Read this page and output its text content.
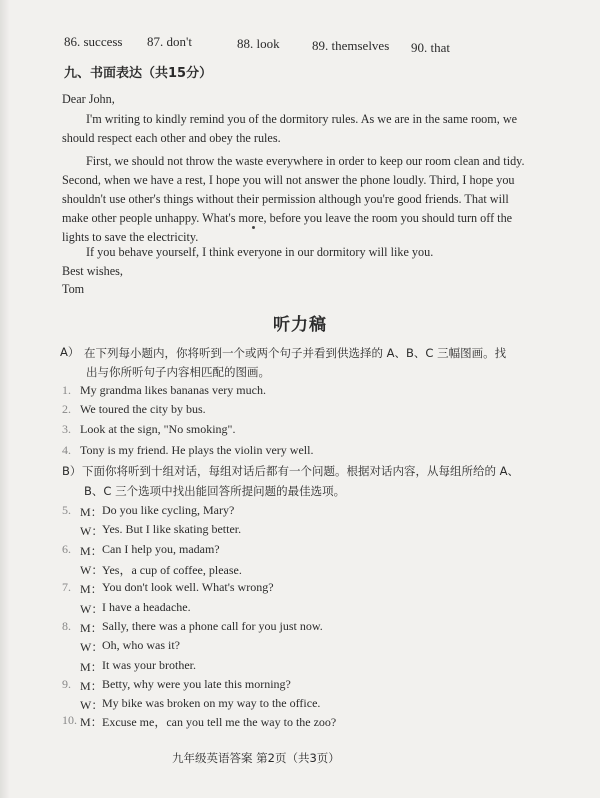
86. success 87. don't	88. look 89. themselves 90. that
九、书面表达（共15分）
Dear John,
I'm writing to kindly remind you of the dormitory rules. As we are in the same room, we
should respect each other and obey the rules.
First, we should not throw the waste everywhere in order to keep our room clean and tidy.
Second, when we have a rest, I hope you will not answer the phone loudly. Third, I hope you
shouldn't use other's things without their permission although you're good friends. That will
make other people unhappy. What's more, before you leave the room you should turn off the
lights to save the electricity.
If you behave yourself, I think everyone in our dormitory will like you.
Best wishes,
Tom
听力稿
A） 在下列每小题内，你将听到一个或两个句子并看到供选择的 A、B、C 三幅图画。找
出与你所听句子内容相匹配的图画。
1. My grandma likes bananas very much.
2. We toured the city by bus.
3. Look at the sign, "No smoking".
4. Tony is my friend. He plays the violin very well.
B） 下面你将听到十组对话，每组对话后都有一个问题。根据对话内容，从每组所给的 A、
B、C 三个选项中找出能回答所提问题的最佳选项。
5. M： Do you like cycling, Mary?
W：
Yes. But I like skating better.
6. M： Can I help you, madam?
W：
Yes，a cup of coffee, please.
7. M： You don't look well. What's wrong?
W：
I have a headache.
8. M： Sally, there was a phone call for you just now.
W：
Oh, who was it?
M： It was your brother.
9. M： Betty, why were you late this morning?
W：
My bike was broken on my way to the office.
10. M： Excuse me，can you tell me the way to the zoo?
九年级英语答案 第2页（共3页）
